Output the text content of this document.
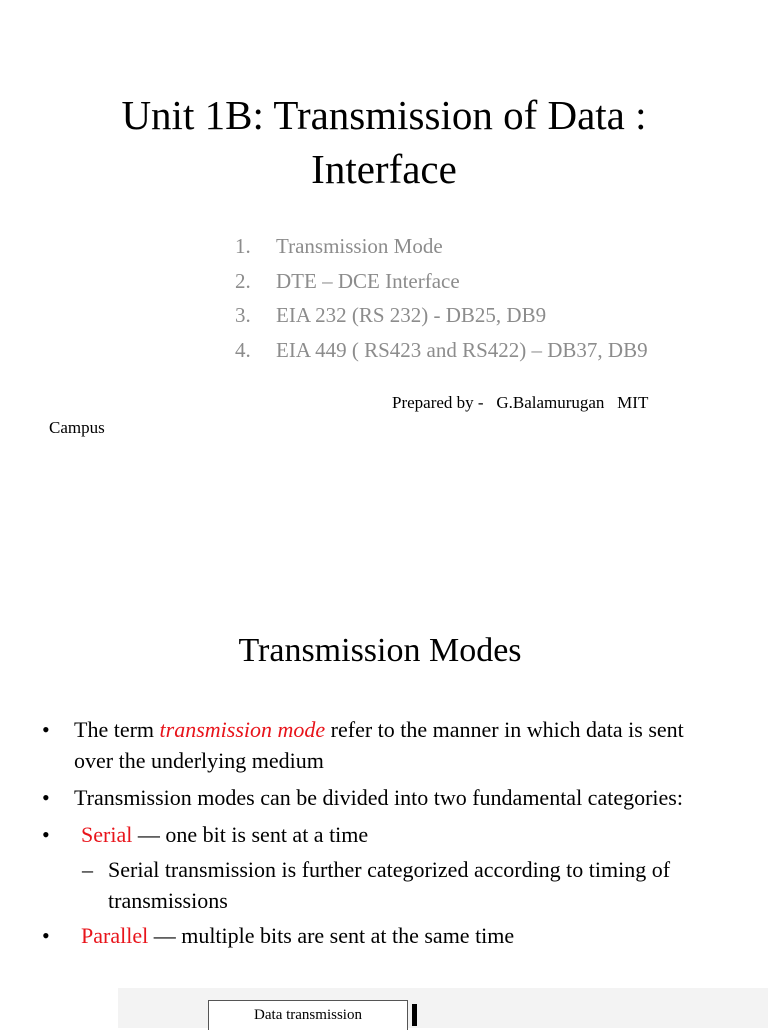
Unit 1B: Transmission of Data :
Interface
1.	Transmission Mode
2.	DTE – DCE Interface
3.	EIA 232 (RS 232) - DB25, DB9
4.	EIA 449 ( RS423 and RS422) – DB37, DB9
Prepared by -   G.Balamurugan   MIT
Campus
Transmission Modes
• The term transmission mode refer to the manner in which data is sent over the underlying medium
• Transmission modes can be divided into two fundamental categories:
• Serial — one bit is sent at a time
– Serial transmission is further categorized according to timing of transmissions
• Parallel — multiple bits are sent at the same time
Data transmission
